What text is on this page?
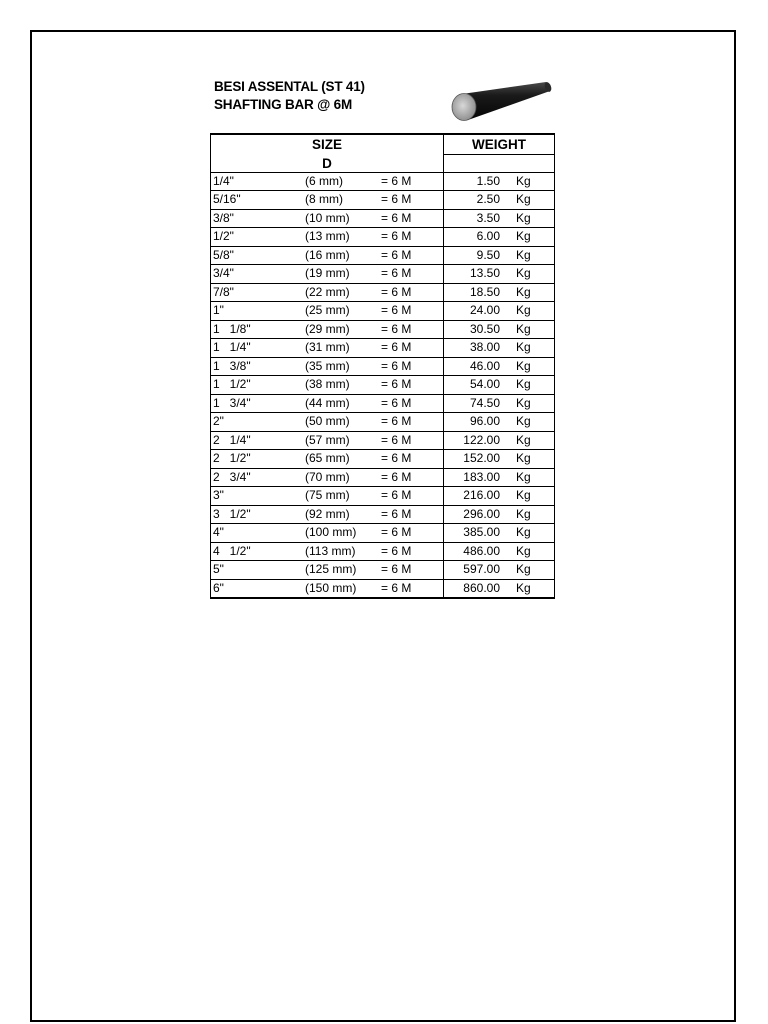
BESI ASSENTAL (ST 41)
SHAFTING BAR @ 6M
SIZE			WEIGHT	
D				
1/4"	(6 mm)	= 6 M	1.50	Kg
5/16"	(8 mm)	= 6 M	2.50	Kg
3/8"	(10 mm)	= 6 M	3.50	Kg
1/2"	(13 mm)	= 6 M	6.00	Kg
5/8"	(16 mm)	= 6 M	9.50	Kg
3/4"	(19 mm)	= 6 M	13.50	Kg
7/8"	(22 mm)	= 6 M	18.50	Kg
1"	(25 mm)	= 6 M	24.00	Kg
1   1/8"	(29 mm)	= 6 M	30.50	Kg
1   1/4"	(31 mm)	= 6 M	38.00	Kg
1   3/8"	(35 mm)	= 6 M	46.00	Kg
1   1/2"	(38 mm)	= 6 M	54.00	Kg
1   3/4"	(44 mm)	= 6 M	74.50	Kg
2"	(50 mm)	= 6 M	96.00	Kg
2   1/4"	(57 mm)	= 6 M	122.00	Kg
2   1/2"	(65 mm)	= 6 M	152.00	Kg
2   3/4"	(70 mm)	= 6 M	183.00	Kg
3"	(75 mm)	= 6 M	216.00	Kg
3   1/2"	(92 mm)	= 6 M	296.00	Kg
4"	(100 mm)	= 6 M	385.00	Kg
4   1/2"	(113 mm)	= 6 M	486.00	Kg
5"	(125 mm)	= 6 M	597.00	Kg
6"	(150 mm)	= 6 M	860.00	Kg
